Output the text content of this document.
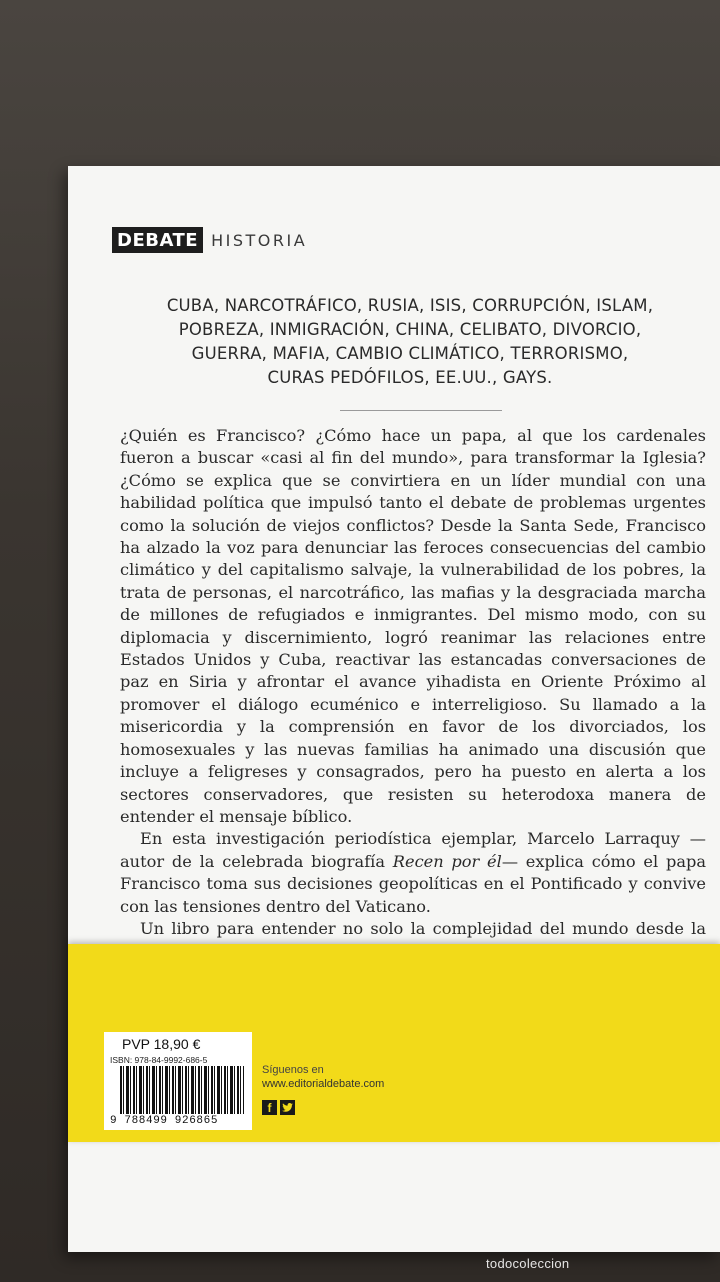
DEBATE HISTORIA
CUBA, NARCOTRÁFICO, RUSIA, ISIS, CORRUPCIÓN, ISLAM,
POBREZA, INMIGRACIÓN, CHINA, CELIBATO, DIVORCIO,
GUERRA, MAFIA, CAMBIO CLIMÁTICO, TERRORISMO,
CURAS PEDÓFILOS, EE.UU., GAYS.

¿Quién es Francisco? ¿Cómo hace un papa, al que los cardenales fueron a buscar «casi al fin del mundo», para transformar la Iglesia? ¿Cómo se explica que se convirtiera en un líder mundial con una habilidad política que impulsó tanto el debate de problemas urgentes como la solución de viejos conflictos? Desde la Santa Sede, Francisco ha alzado la voz para denunciar las feroces consecuencias del cambio climático y del capitalismo salvaje, la vulnerabilidad de los pobres, la trata de personas, el narcotráfico, las mafias y la desgraciada marcha de millones de refugiados e inmigrantes. Del mismo modo, con su diplomacia y discernimiento, logró reanimar las relaciones entre Estados Unidos y Cuba, reactivar las estancadas conversaciones de paz en Siria y afrontar el avance yihadista en Oriente Próximo al promover el diálogo ecuménico e interreligioso. Su llamado a la misericordia y la comprensión en favor de los divorciados, los homosexuales y las nuevas familias ha animado una discusión que incluye a feligreses y consagrados, pero ha puesto en alerta a los sectores conservadores, que resisten su heterodoxa manera de entender el mensaje bíblico.

En esta investigación periodística ejemplar, Marcelo Larraquy —autor de la celebrada biografía Recen por él— explica cómo el papa Francisco toma sus decisiones geopolíticas en el Pontificado y convive con las tensiones dentro del Vaticano.

Un libro para entender no solo la complejidad del mundo desde la

PVP 18,90 €
ISBN: 978-84-9992-686-5
9 788499 926865
Síguenos en
www.editorialdebate.com
f
todocoleccion
